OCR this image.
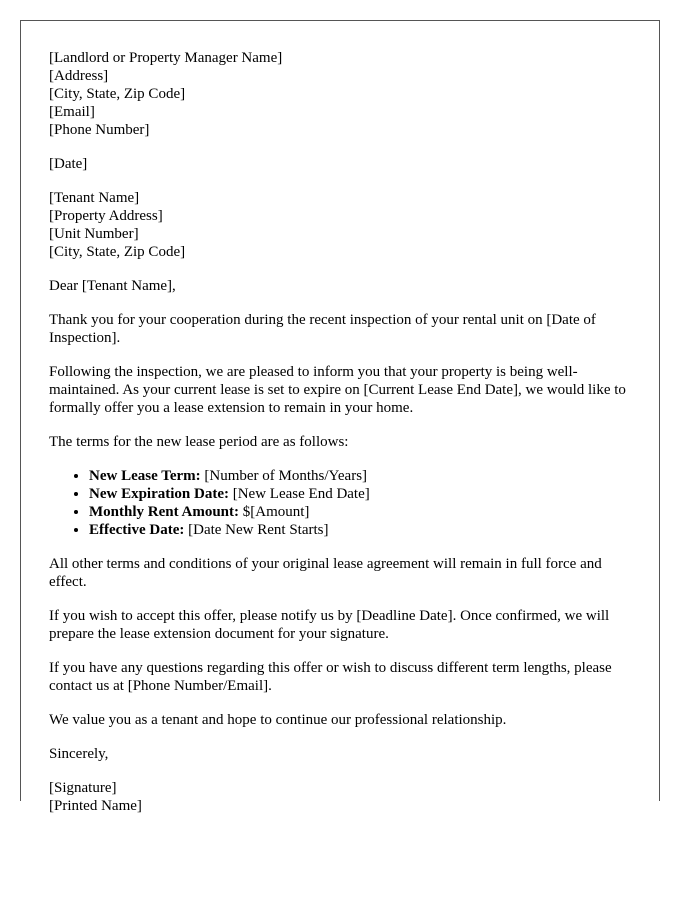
[Landlord or Property Manager Name]
[Address]
[City, State, Zip Code]
[Email]
[Phone Number]
[Date]
[Tenant Name]
[Property Address]
[Unit Number]
[City, State, Zip Code]

Dear [Tenant Name],

Thank you for your cooperation during the recent inspection of your rental unit on [Date of Inspection].

Following the inspection, we are pleased to inform you that your property is being well-maintained. As your current lease is set to expire on [Current Lease End Date], we would like to formally offer you a lease extension to remain in your home.

The terms for the new lease period are as follows:

• New Lease Term: [Number of Months/Years]
• New Expiration Date: [New Lease End Date]
• Monthly Rent Amount: $[Amount]
• Effective Date: [Date New Rent Starts]

All other terms and conditions of your original lease agreement will remain in full force and effect.

If you wish to accept this offer, please notify us by [Deadline Date]. Once confirmed, we will prepare the lease extension document for your signature.

If you have any questions regarding this offer or wish to discuss different term lengths, please contact us at [Phone Number/Email].

We value you as a tenant and hope to continue our professional relationship.

Sincerely,

[Signature]
[Printed Name]
